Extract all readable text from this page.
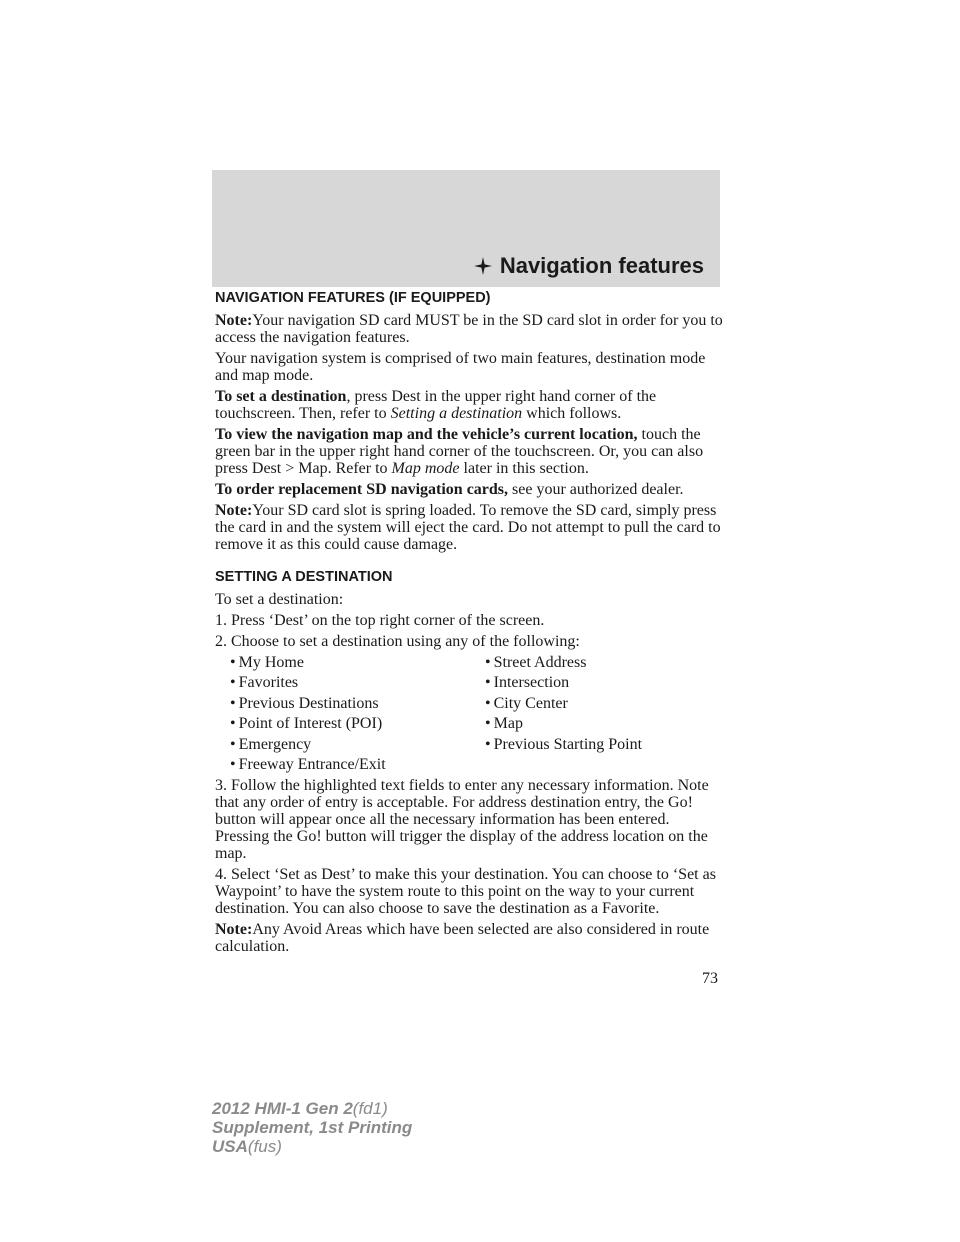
Navigation features
NAVIGATION FEATURES (IF EQUIPPED)

Note:Your navigation SD card MUST be in the SD card slot in order for you to access the navigation features.

Your navigation system is comprised of two main features, destination mode and map mode.

To set a destination, press Dest in the upper right hand corner of the touchscreen. Then, refer to Setting a destination which follows.

To view the navigation map and the vehicle’s current location, touch the green bar in the upper right hand corner of the touchscreen. Or, you can also press Dest > Map. Refer to Map mode later in this section.

To order replacement SD navigation cards, see your authorized dealer.

Note:Your SD card slot is spring loaded. To remove the SD card, simply press the card in and the system will eject the card. Do not attempt to pull the card to remove it as this could cause damage.

SETTING A DESTINATION

To set a destination:

1. Press ‘Dest’ on the top right corner of the screen.

2. Choose to set a destination using any of the following:

• My Home	• Street Address
• Favorites	• Intersection
• Previous Destinations	• City Center
• Point of Interest (POI)	• Map
• Emergency	• Previous Starting Point
• Freeway Entrance/Exit

3. Follow the highlighted text fields to enter any necessary information. Note that any order of entry is acceptable. For address destination entry, the Go! button will appear once all the necessary information has been entered. Pressing the Go! button will trigger the display of the address location on the map.

4. Select ‘Set as Dest’ to make this your destination. You can choose to ‘Set as Waypoint’ to have the system route to this point on the way to your current destination. You can also choose to save the destination as a Favorite.

Note:Any Avoid Areas which have been selected are also considered in route calculation.

73
2012 HMI-1 Gen 2(fd1)
Supplement, 1st Printing
USA(fus)
